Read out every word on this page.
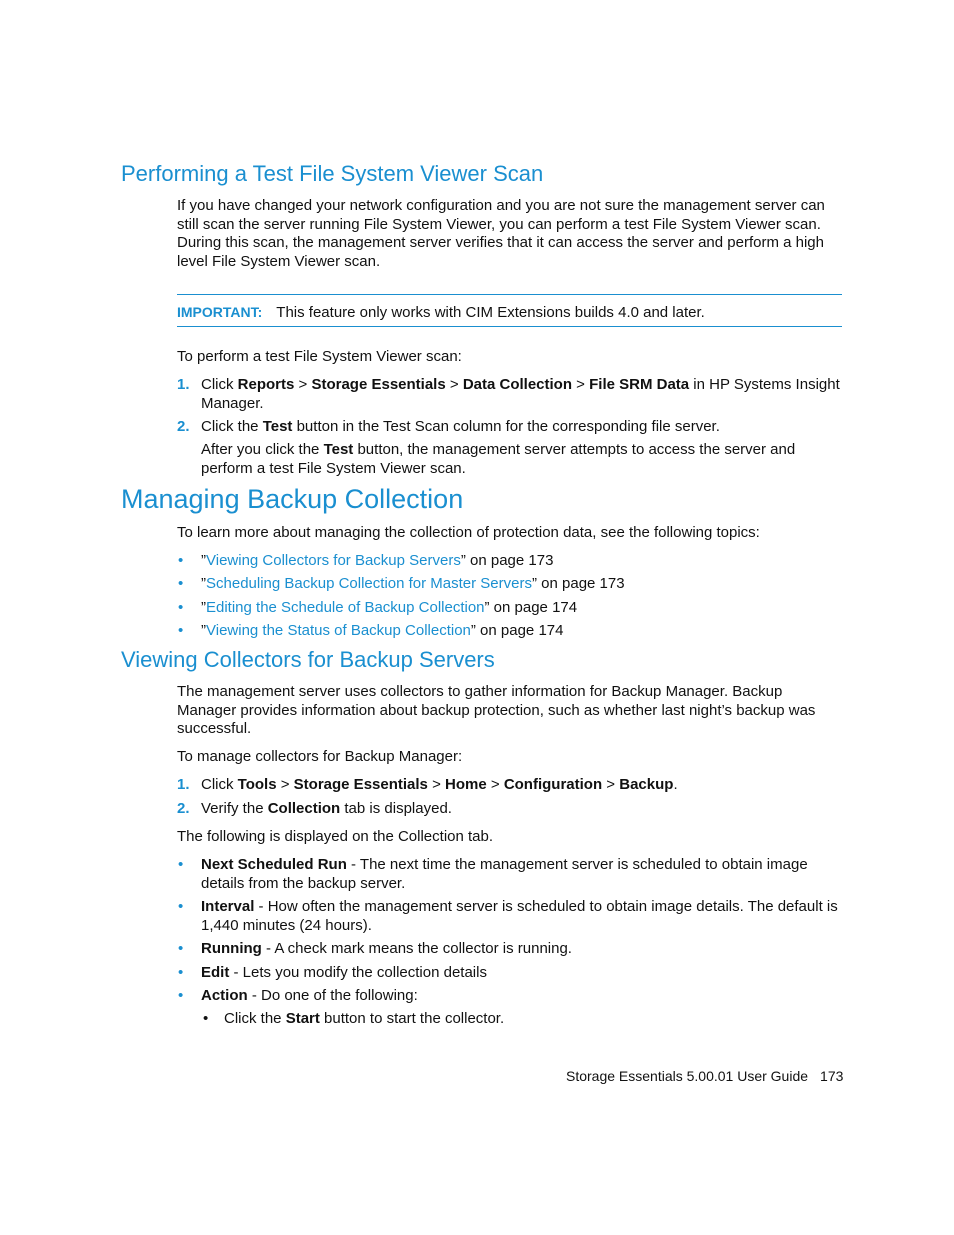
Performing a Test File System Viewer Scan

If you have changed your network configuration and you are not sure the management server can still scan the server running File System Viewer, you can perform a test File System Viewer scan. During this scan, the management server verifies that it can access the server and perform a high level File System Viewer scan.

IMPORTANT: This feature only works with CIM Extensions builds 4.0 and later.

To perform a test File System Viewer scan:

1. Click Reports > Storage Essentials > Data Collection > File SRM Data in HP Systems Insight Manager.
2. Click the Test button in the Test Scan column for the corresponding file server.
After you click the Test button, the management server attempts to access the server and perform a test File System Viewer scan.
Managing Backup Collection

To learn more about managing the collection of protection data, see the following topics:

• ”Viewing Collectors for Backup Servers” on page 173
• ”Scheduling Backup Collection for Master Servers” on page 173
• ”Editing the Schedule of Backup Collection” on page 174
• ”Viewing the Status of Backup Collection” on page 174
Viewing Collectors for Backup Servers

The management server uses collectors to gather information for Backup Manager. Backup Manager provides information about backup protection, such as whether last night’s backup was successful.

To manage collectors for Backup Manager:

1. Click Tools > Storage Essentials > Home > Configuration > Backup.
2. Verify the Collection tab is displayed.

The following is displayed on the Collection tab.

• Next Scheduled Run - The next time the management server is scheduled to obtain image details from the backup server.
• Interval - How often the management server is scheduled to obtain image details. The default is 1,440 minutes (24 hours).
• Running - A check mark means the collector is running.
• Edit - Lets you modify the collection details
• Action - Do one of the following:
• Click the Start button to start the collector.
Storage Essentials 5.00.01 User Guide 173
